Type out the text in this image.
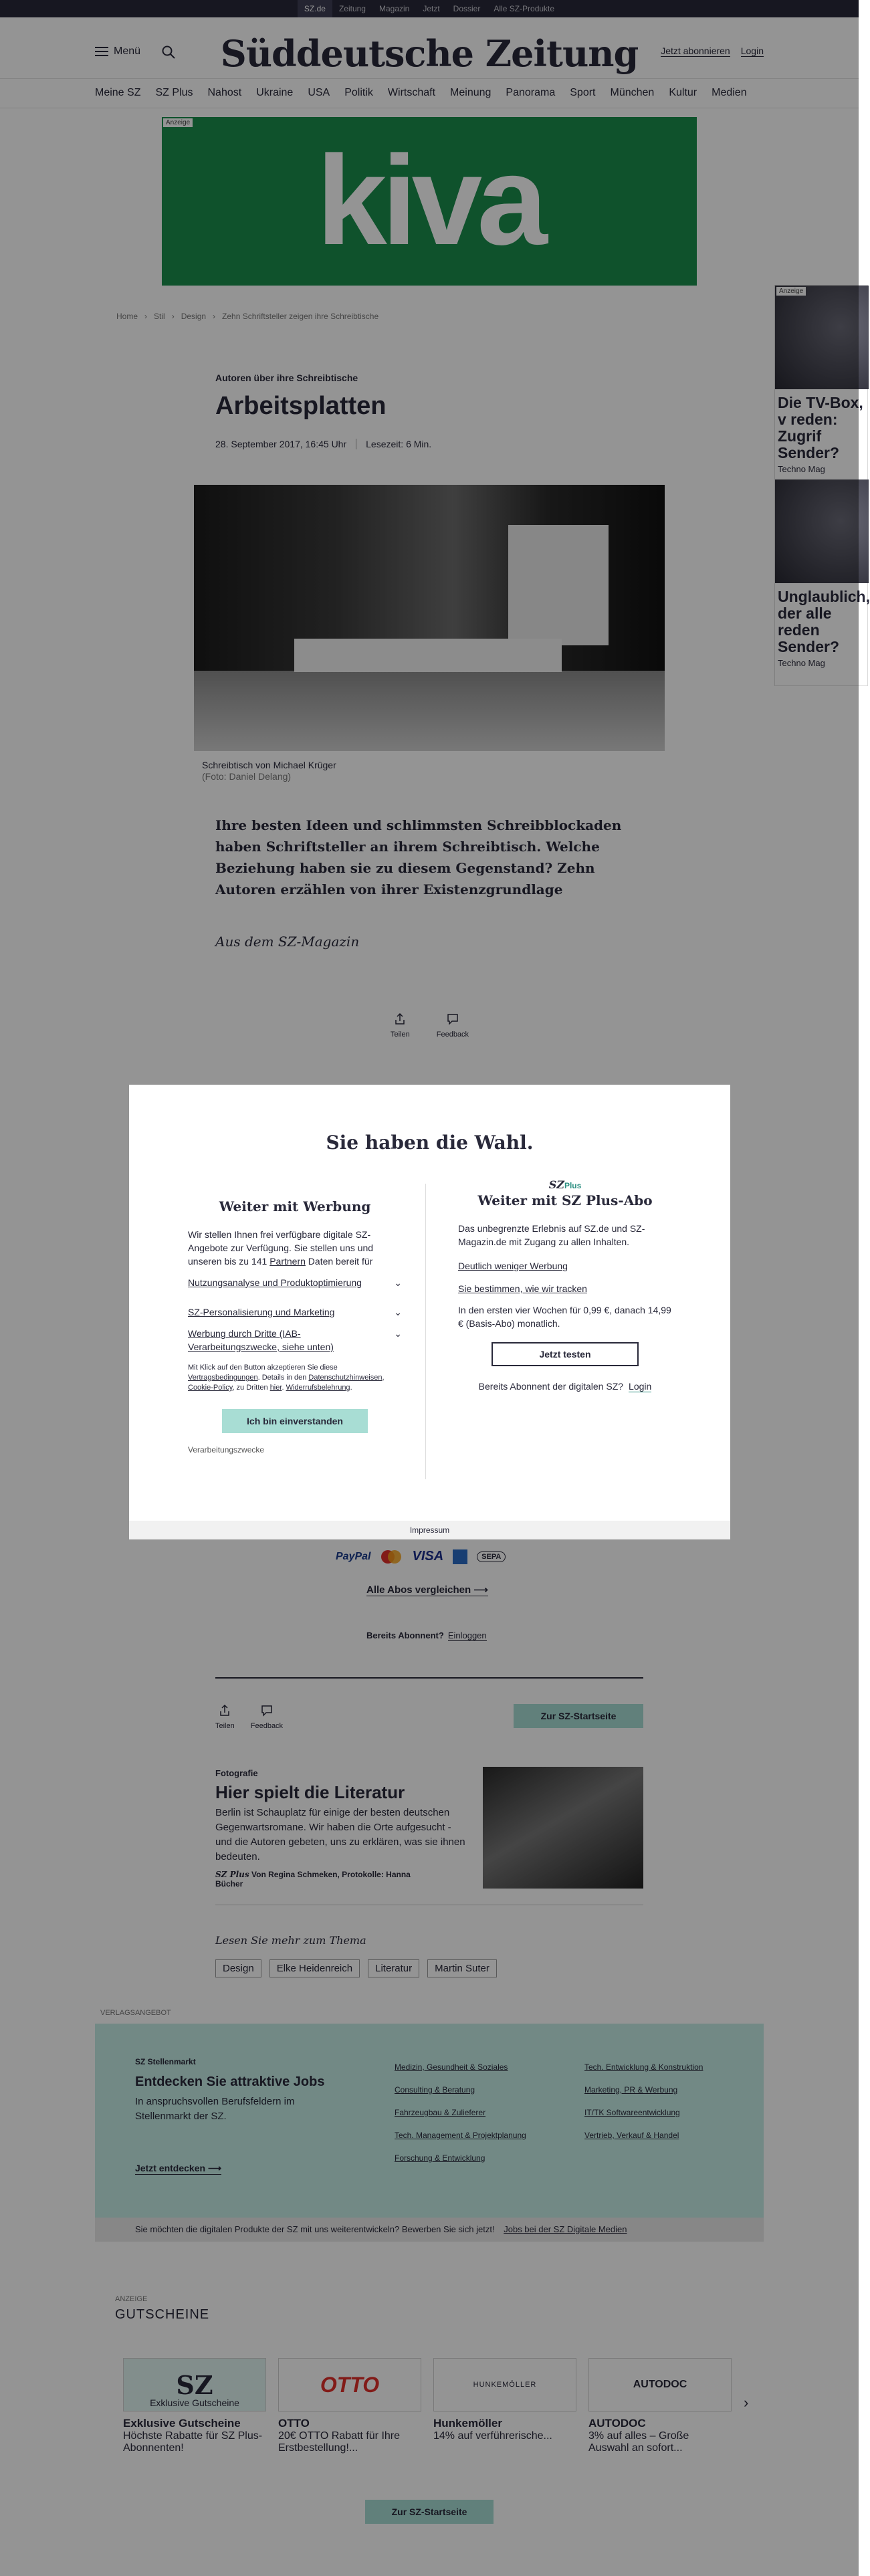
SZ.de	Zeitung	Magazin	Jetzt	Dossier	Alle SZ-Produkte
Menü	Süddeutsche Zeitung	Jetzt abonnieren Login
Meine SZ SZ Plus Nahost Ukraine USA Politik Wirtschaft Meinung Panorama Sport München Kultur Medien
Anzeige
kiva
Home › Stil › Design › Zehn Schriftsteller zeigen ihre Schreibtische
Anzeige
Die TV-Box, v reden: Zugrif Sender?
Techno Mag
Unglaublich, der alle reden Sender?
Techno Mag
Autoren über ihre Schreibtische
Arbeitsplatten
28. September 2017, 16:45 Uhr Lesezeit: 6 Min.
Schreibtisch von Michael Krüger
(Foto: Daniel Delang)
Ihre besten Ideen und schlimmsten Schreibblockaden haben Schriftsteller an ihrem Schreibtisch. Welche Beziehung haben sie zu diesem Gegenstand? Zehn Autoren erzählen von ihrer Existenzgrundlage
Aus dem SZ-Magazin
Teilen	Feedback
PayPal	VISA	SEPA
Alle Abos vergleichen ⟶
Bereits Abonnent? Einloggen
Teilen Feedback
Zur SZ-Startseite
Fotografie
Hier spielt die Literatur
Berlin ist Schauplatz für einige der besten deutschen Gegenwartsromane. Wir haben die Orte aufgesucht - und die Autoren gebeten, uns zu erklären, was sie ihnen bedeuten.
SZ Plus Von Regina Schmeken, Protokolle: Hanna Bücher
Lesen Sie mehr zum Thema
Design	Elke Heidenreich	Literatur	Martin Suter
VERLAGSANGEBOT
SZ Stellenmarkt
Entdecken Sie attraktive Jobs
In anspruchsvollen Berufsfeldern im Stellenmarkt der SZ.
Jetzt entdecken ⟶
Medizin, Gesundheit & Soziales
Consulting & Beratung
Fahrzeugbau & Zulieferer
Tech. Management & Projektplanung
Forschung & Entwicklung
Tech. Entwicklung & Konstruktion
Marketing, PR & Werbung
IT/TK Softwareentwicklung
Vertrieb, Verkauf & Handel
Sie möchten die digitalen Produkte der SZ mit uns weiterentwickeln? Bewerben Sie sich jetzt! Jobs bei der SZ Digitale Medien
ANZEIGE
GUTSCHEINE
SZ
Exklusive Gutscheine
Exklusive Gutscheine
Höchste Rabatte für SZ Plus-Abonnenten!
OTTO
OTTO
20€ OTTO Rabatt für Ihre Erstbestellung!...
HUNKEMÖLLER
Hunkemöller
14% auf verführerische...
AUTODOC
AUTODOC
3% auf alles – Große Auswahl an sofort...
›
Zur SZ-Startseite
Sie haben die Wahl.
Weiter mit Werbung
Wir stellen Ihnen frei verfügbare digitale SZ-Angebote zur Verfügung. Sie stellen uns und unseren bis zu 141 Partnern Daten bereit für
Nutzungsanalyse und Produktoptimierung	⌄
SZ-Personalisierung und Marketing	⌄
Werbung durch Dritte (IAB-Verarbeitungszwecke, siehe unten)
⌄
Mit Klick auf den Button akzeptieren Sie diese Vertragsbedingungen. Details in den Datenschutzhinweisen, Cookie-Policy, zu Dritten hier. Widerrufsbelehrung.
Ich bin einverstanden
Verarbeitungszwecke
SZPlus
Weiter mit SZ Plus-Abo
Das unbegrenzte Erlebnis auf SZ.de und SZ-Magazin.de mit Zugang zu allen Inhalten.
Deutlich weniger Werbung
Sie bestimmen, wie wir tracken
In den ersten vier Wochen für 0,99 €, danach 14,99 € (Basis-Abo) monatlich.
Jetzt testen
Bereits Abonnent der digitalen SZ? Login
Impressum
